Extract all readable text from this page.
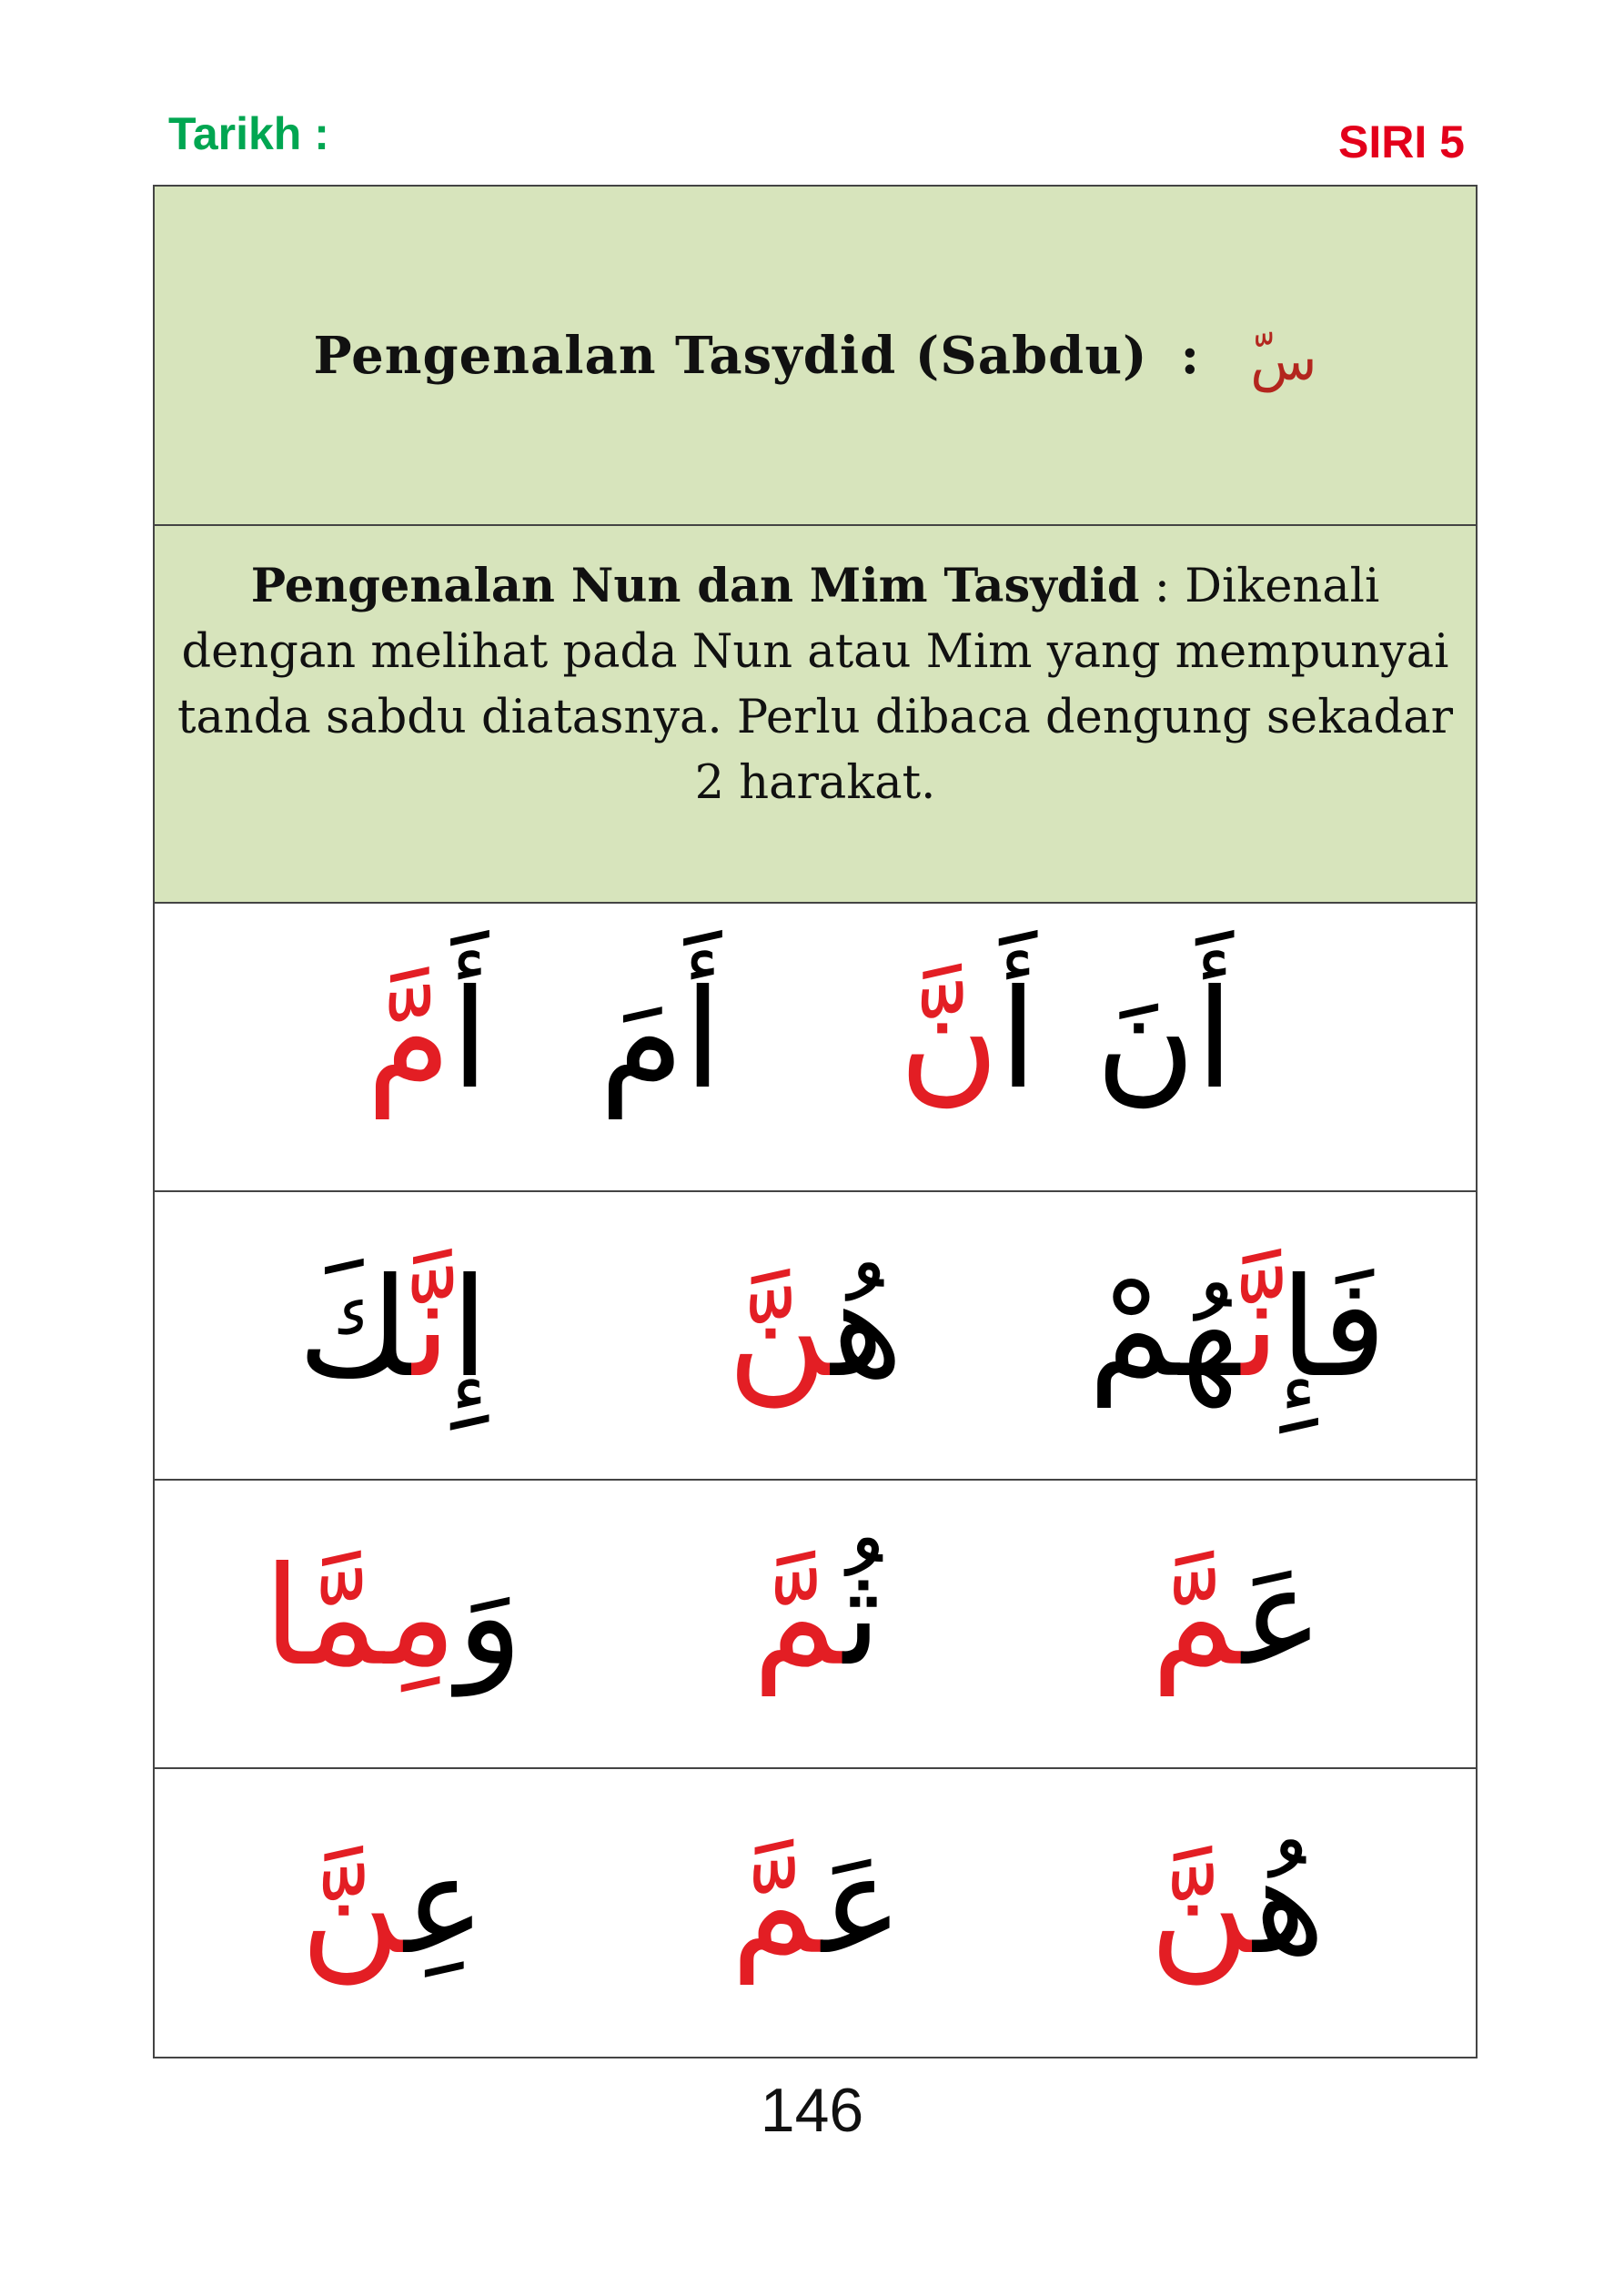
Tarikh :	SIRI 5
Pengenalan Tasydid (Sabdu) : ّس
Pengenalan Nun dan Mim Tasydid : Dikenali dengan melihat pada Nun atau Mim yang mempunyai tanda sabdu diatasnya. Perlu dibaca dengung sekadar 2 harakat.
أَنَ
أَنَّ
أَمَ
أَمَّ
فَإِنَّهُمْ
هُنَّ
إِنَّكَ
عَمَّ
ثُمَّ
وَمِمَّا
هُنَّ
عَمَّ
عِنَّ
146
